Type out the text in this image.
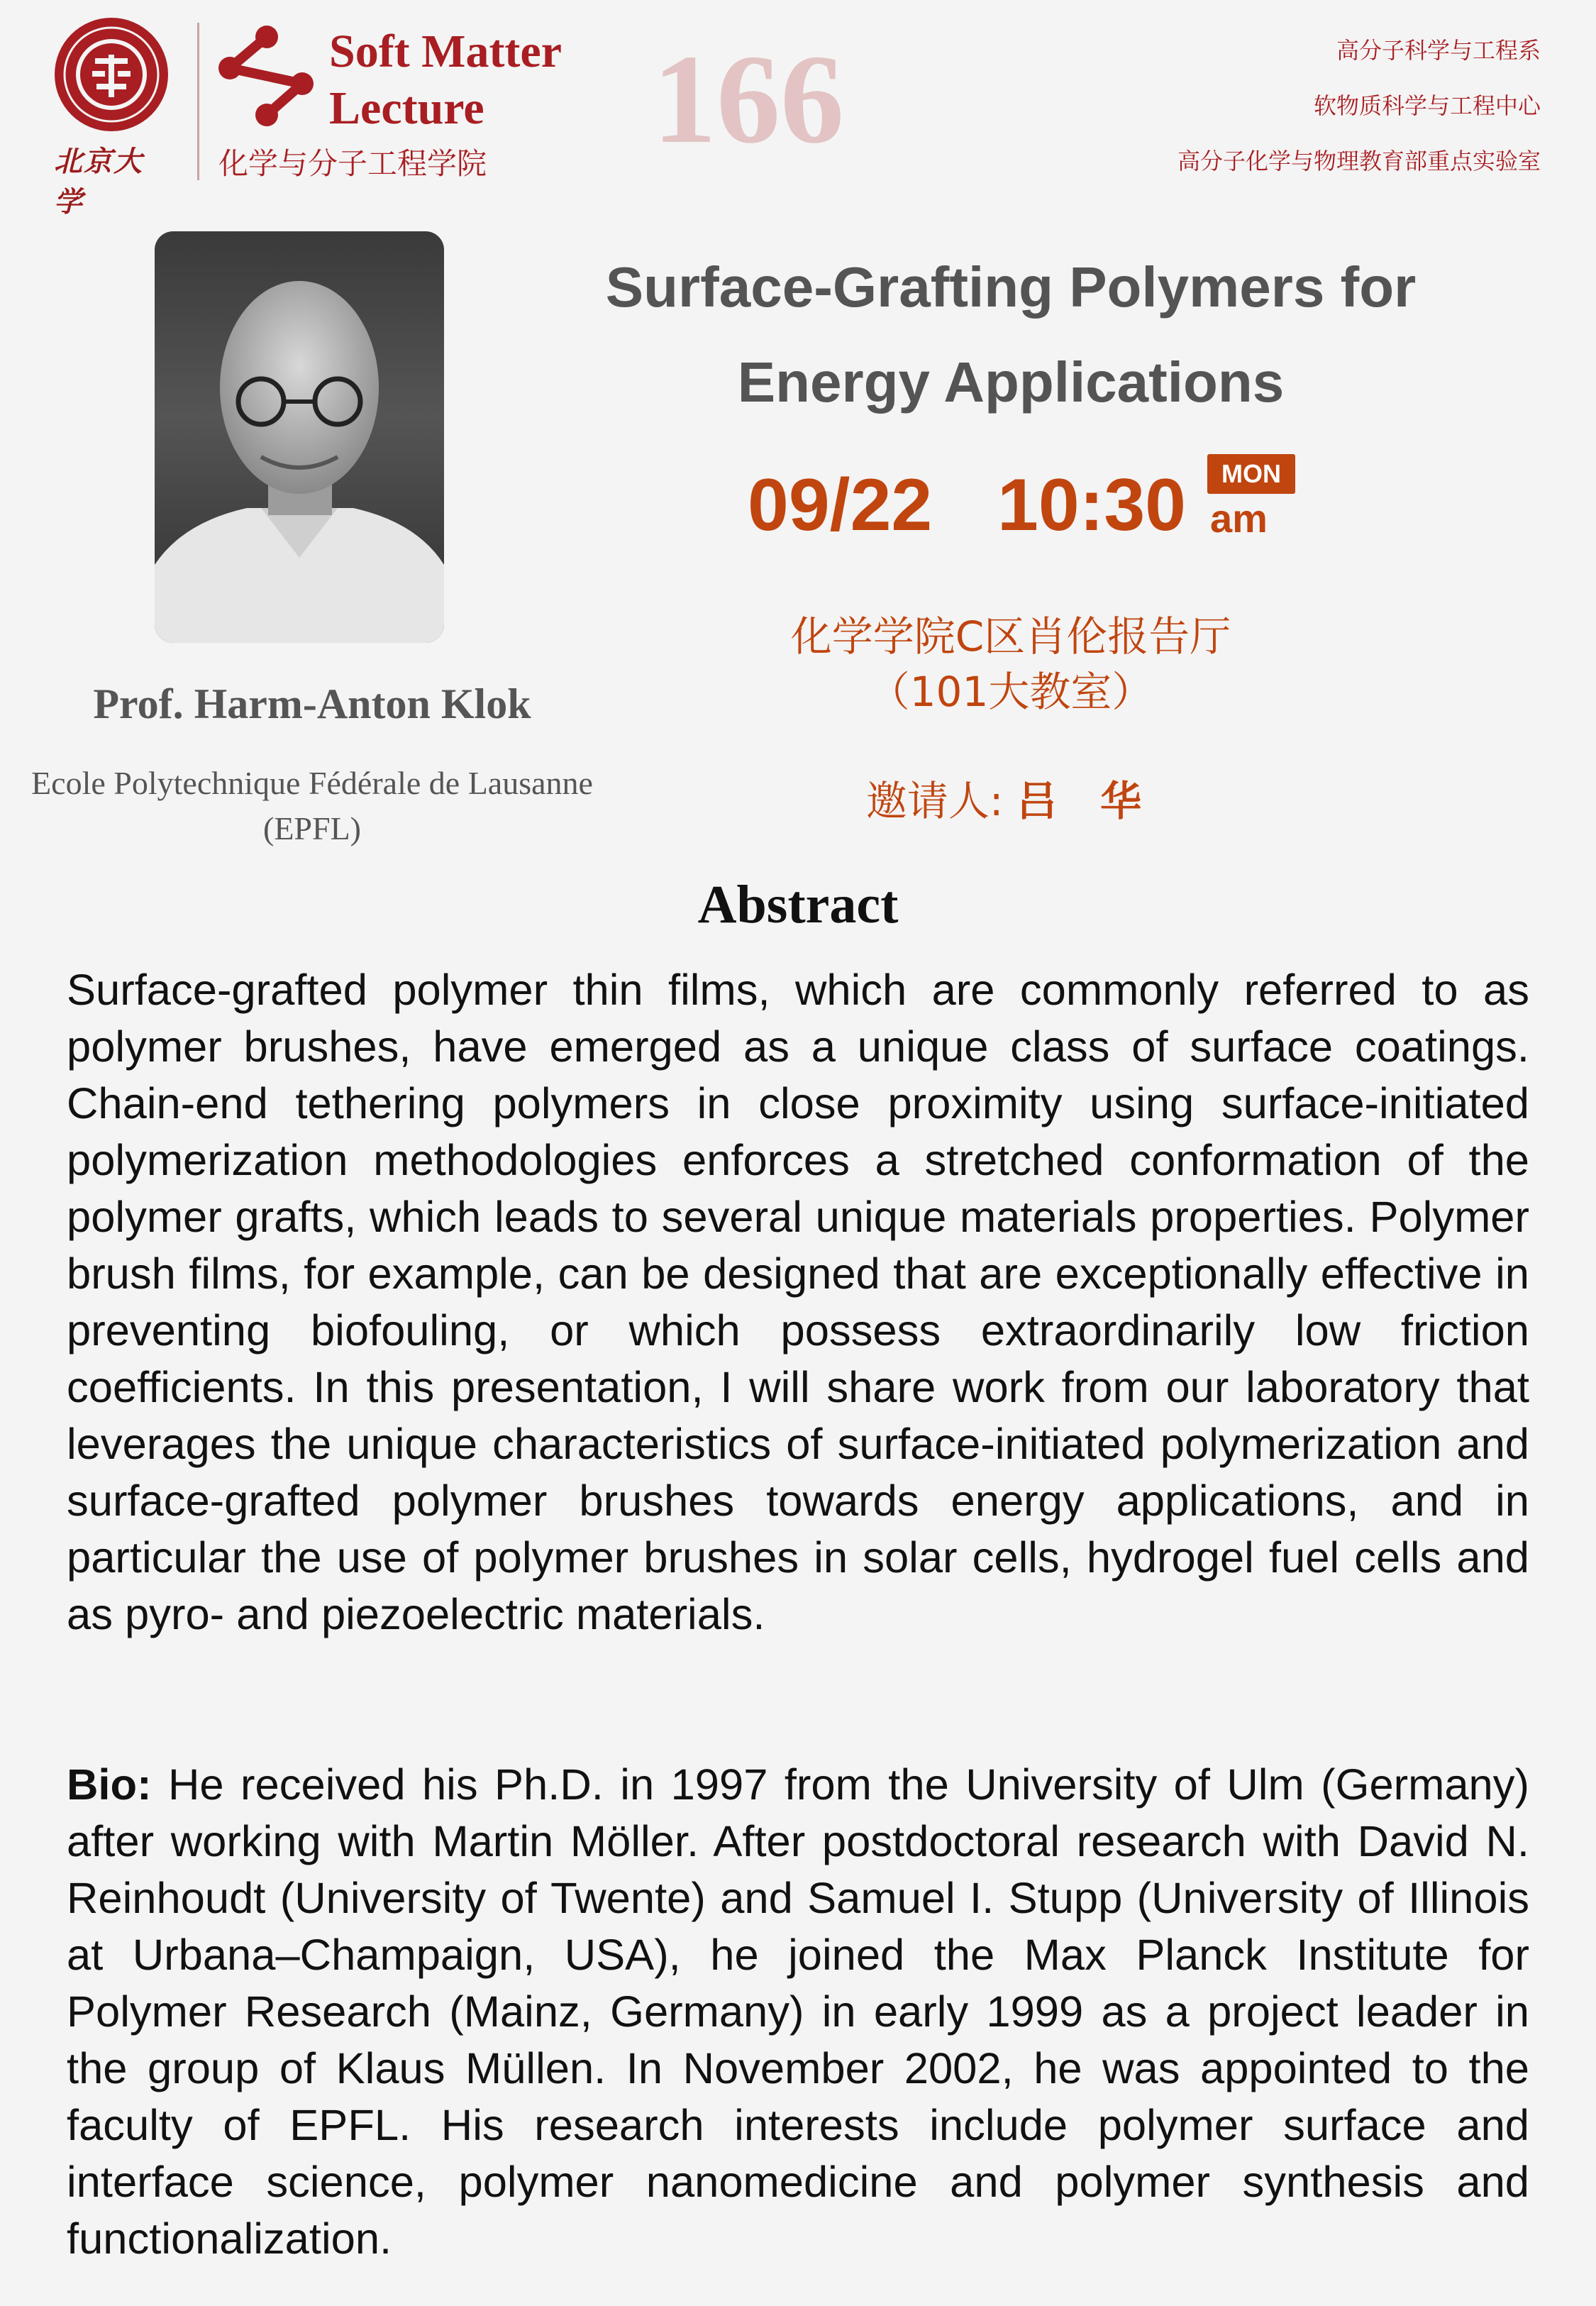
北京大学
Soft Matter
Lecture
化学与分子工程学院 166	高分子科学与工程系
软物质科学与工程中心
高分子化学与物理教育部重点实验室
Prof. Harm-Anton Klok
Ecole Polytechnique Fédérale de Lausanne (EPFL)
Surface-Grafting Polymers for Energy Applications
09/22 10:30	MON
am
化学学院C区肖伦报告厅
（101大教室）
邀请人: 吕 华
Abstract
Surface-grafted polymer thin films, which are commonly referred to as polymer brushes, have emerged as a unique class of surface coatings. Chain-end tethering polymers in close proximity using surface-initiated polymerization methodologies enforces a stretched conformation of the polymer grafts, which leads to several unique materials properties. Polymer brush films, for example, can be designed that are exceptionally effective in preventing biofouling, or which possess extraordinarily low friction coefficients. In this presentation, I will share work from our laboratory that leverages the unique characteristics of surface-initiated polymerization and surface-grafted polymer brushes towards energy applications, and in particular the use of polymer brushes in solar cells, hydrogel fuel cells and as pyro- and piezoelectric materials.
Bio: He received his Ph.D. in 1997 from the University of Ulm (Germany) after working with Martin Möller. After postdoctoral research with David N. Reinhoudt (University of Twente) and Samuel I. Stupp (University of Illinois at Urbana–Champaign, USA), he joined the Max Planck Institute for Polymer Research (Mainz, Germany) in early 1999 as a project leader in the group of Klaus Müllen. In November 2002, he was appointed to the faculty of EPFL. His research interests include polymer surface and interface science, polymer nanomedicine and polymer synthesis and functionalization.
